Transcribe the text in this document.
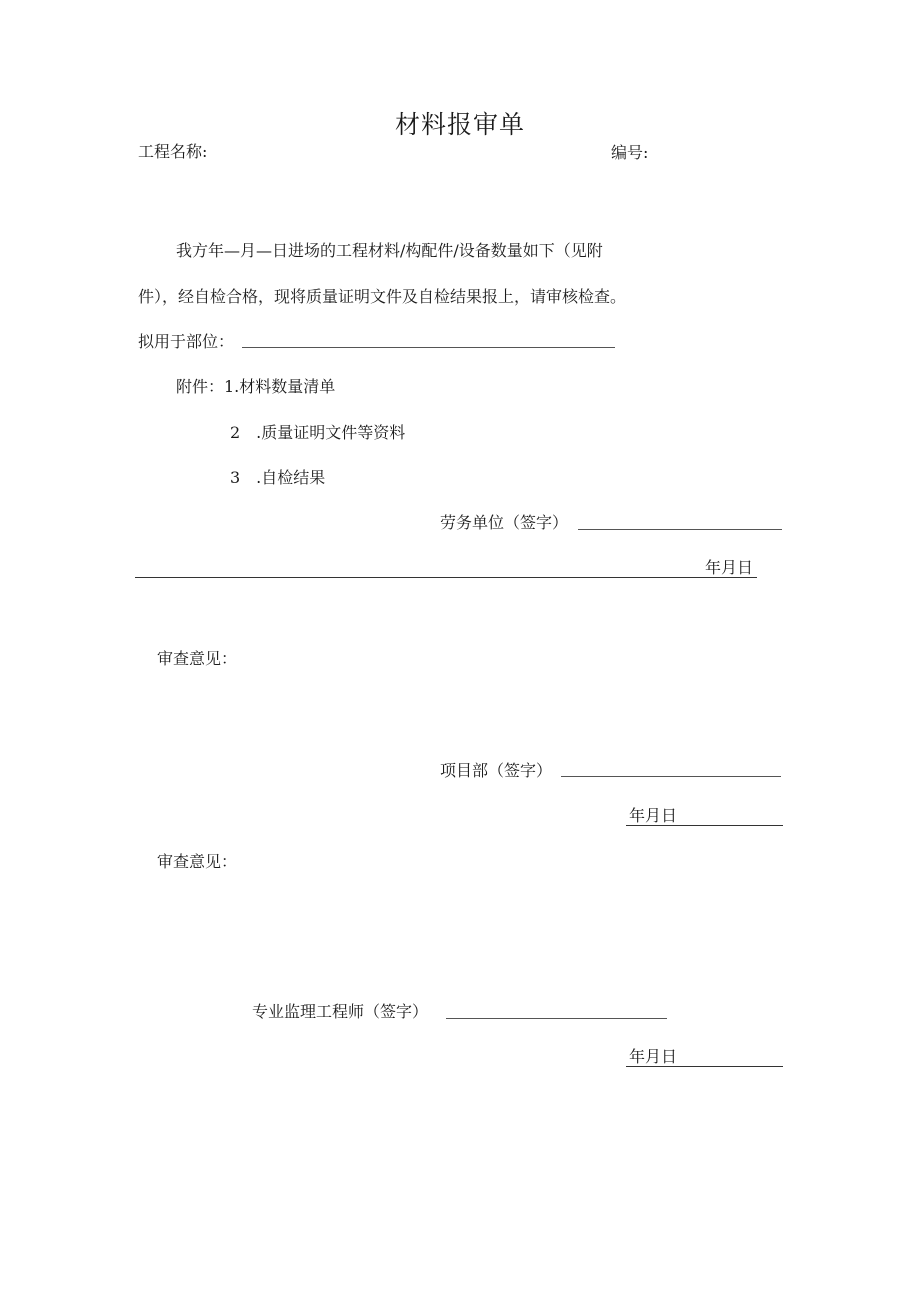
材料报审单
工程名称:	编号:
我方年—月—日进场的工程材料/构配件/设备数量如下（见附
件），经自检合格，现将质量证明文件及自检结果报上，请审核检查。
拟用于部位：
附件： 1.材料数量清单
2　.质量证明文件等资料
3　.自检结果
劳务单位（签字）
年月日
审查意见：
项目部（签字）
年月日
审查意见：
专业监理工程师（签字）
年月日
